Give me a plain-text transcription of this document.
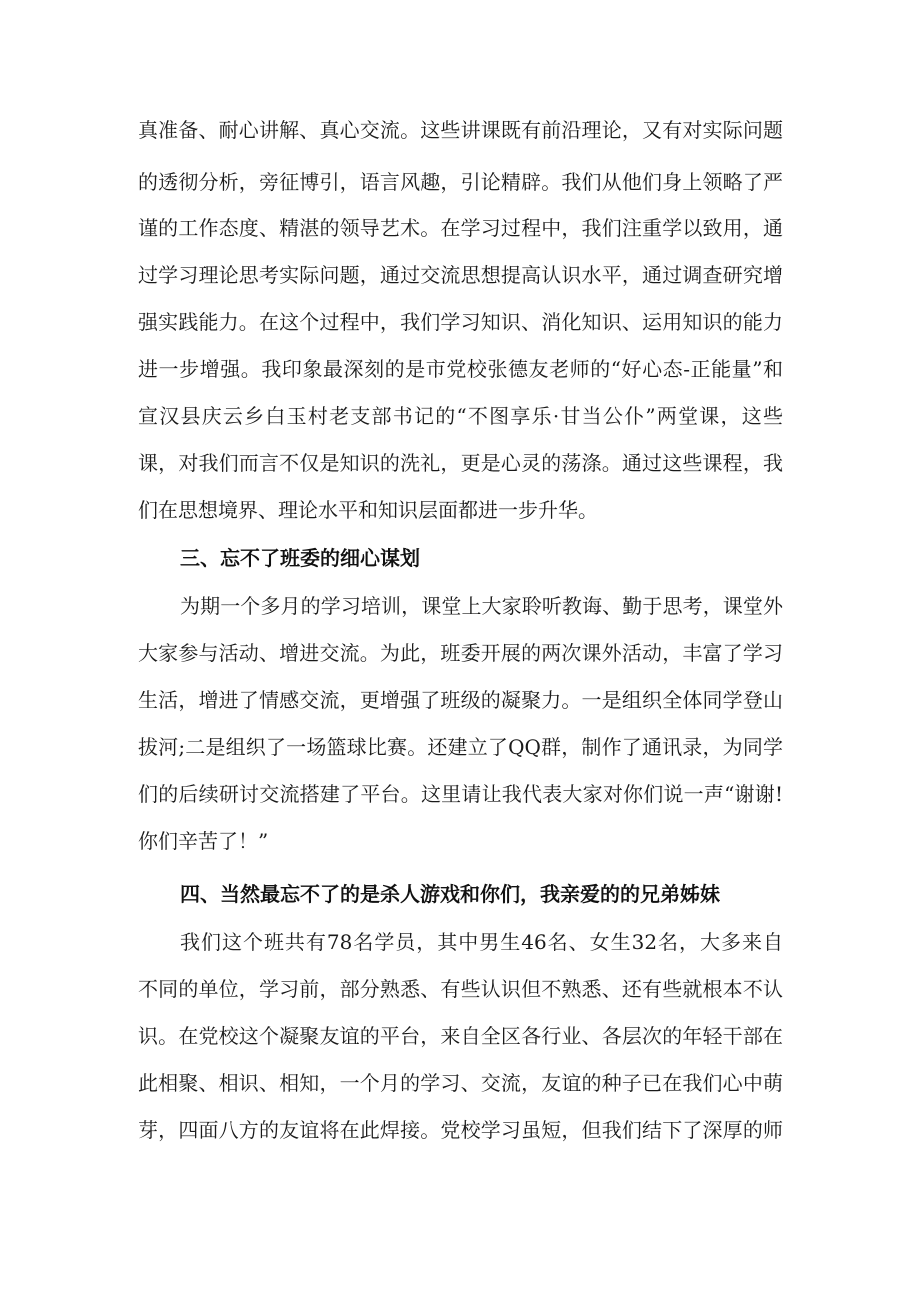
真准备、耐心讲解、真心交流。这些讲课既有前沿理论，又有对实际问题
的透彻分析，旁征博引，语言风趣，引论精辟。我们从他们身上领略了严
谨的工作态度、精湛的领导艺术。在学习过程中，我们注重学以致用，通
过学习理论思考实际问题，通过交流思想提高认识水平，通过调查研究增
强实践能力。在这个过程中，我们学习知识、消化知识、运用知识的能力
进一步增强。我印象最深刻的是市党校张德友老师的“好心态-正能量”和
宣汉县庆云乡白玉村老支部书记的“不图享乐·甘当公仆”两堂课，这些
课，对我们而言不仅是知识的洗礼，更是心灵的荡涤。通过这些课程，我
们在思想境界、理论水平和知识层面都进一步升华。
三、忘不了班委的细心谋划
为期一个多月的学习培训，课堂上大家聆听教诲、勤于思考，课堂外
大家参与活动、增进交流。为此，班委开展的两次课外活动，丰富了学习
生活，增进了情感交流，更增强了班级的凝聚力。一是组织全体同学登山
拔河;二是组织了一场篮球比赛。还建立了QQ群，制作了通讯录，为同学
们的后续研讨交流搭建了平台。这里请让我代表大家对你们说一声“谢谢!
你们辛苦了！”
四、当然最忘不了的是杀人游戏和你们，我亲爱的的兄弟姊妹
我们这个班共有78名学员，其中男生46名、女生32名，大多来自
不同的单位，学习前，部分熟悉、有些认识但不熟悉、还有些就根本不认
识。在党校这个凝聚友谊的平台，来自全区各行业、各层次的年轻干部在
此相聚、相识、相知，一个月的学习、交流，友谊的种子已在我们心中萌
芽，四面八方的友谊将在此焊接。党校学习虽短，但我们结下了深厚的师
